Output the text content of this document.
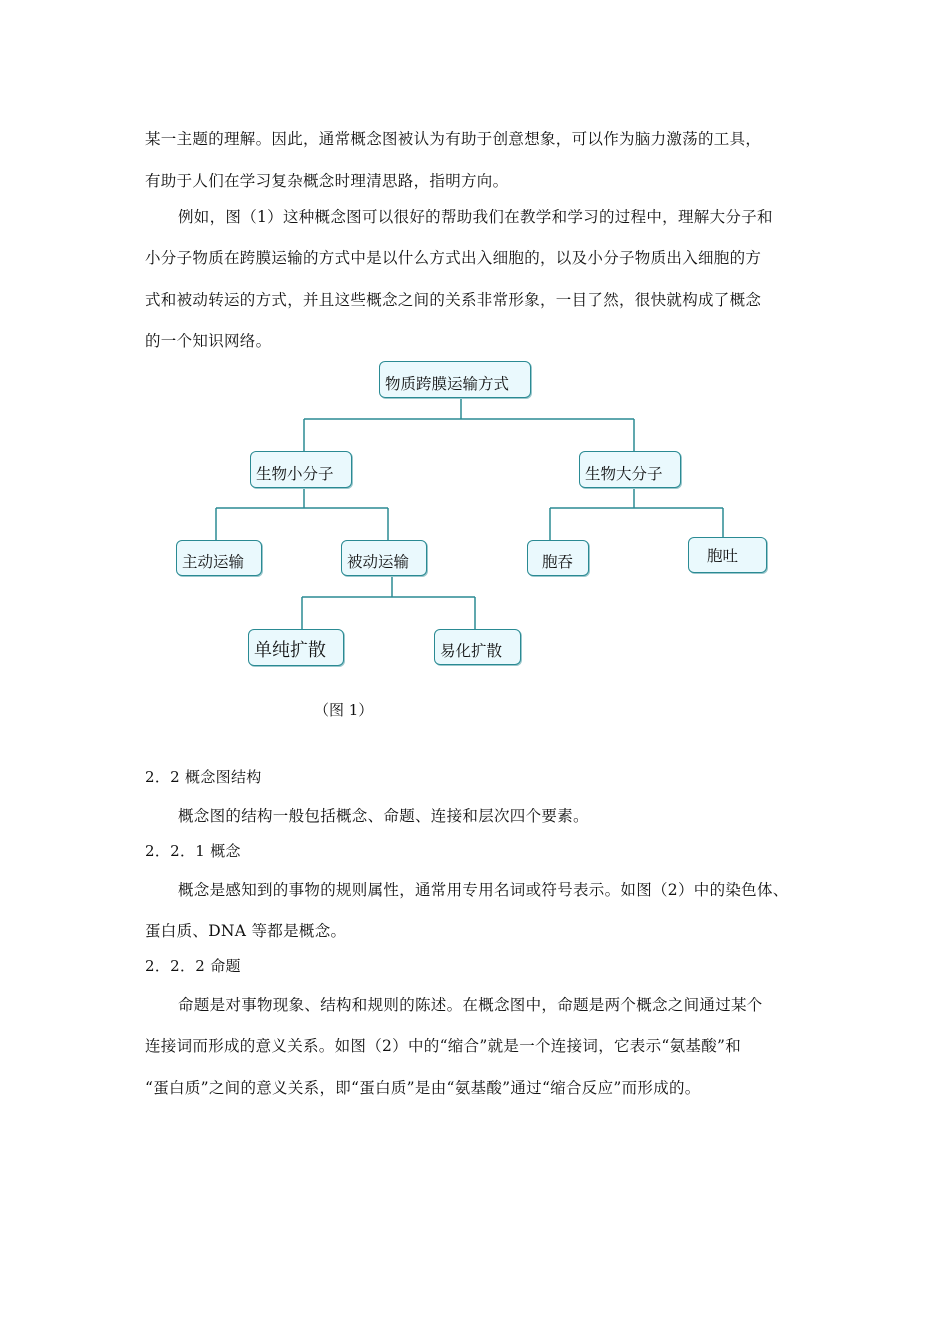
某一主题的理解。因此，通常概念图被认为有助于创意想象，可以作为脑力激荡的工具，
有助于人们在学习复杂概念时理清思路，指明方向。
例如，图（1）这种概念图可以很好的帮助我们在教学和学习的过程中，理解大分子和
小分子物质在跨膜运输的方式中是以什么方式出入细胞的，以及小分子物质出入细胞的方
式和被动转运的方式，并且这些概念之间的关系非常形象，一目了然，很快就构成了概念
的一个知识网络。
物质跨膜运输方式
生物小分子	生物大分子
主动运输	被动运输	胞吞	胞吐
单纯扩散	易化扩散
（图 1）
2．2 概念图结构
概念图的结构一般包括概念、命题、连接和层次四个要素。
2．2．1 概念
概念是感知到的事物的规则属性，通常用专用名词或符号表示。如图（2）中的染色体、
蛋白质、DNA 等都是概念。
2．2．2 命题
命题是对事物现象、结构和规则的陈述。在概念图中，命题是两个概念之间通过某个
连接词而形成的意义关系。如图（2）中的“缩合”就是一个连接词，它表示“氨基酸”和
“蛋白质”之间的意义关系，即“蛋白质”是由“氨基酸”通过“缩合反应”而形成的。
